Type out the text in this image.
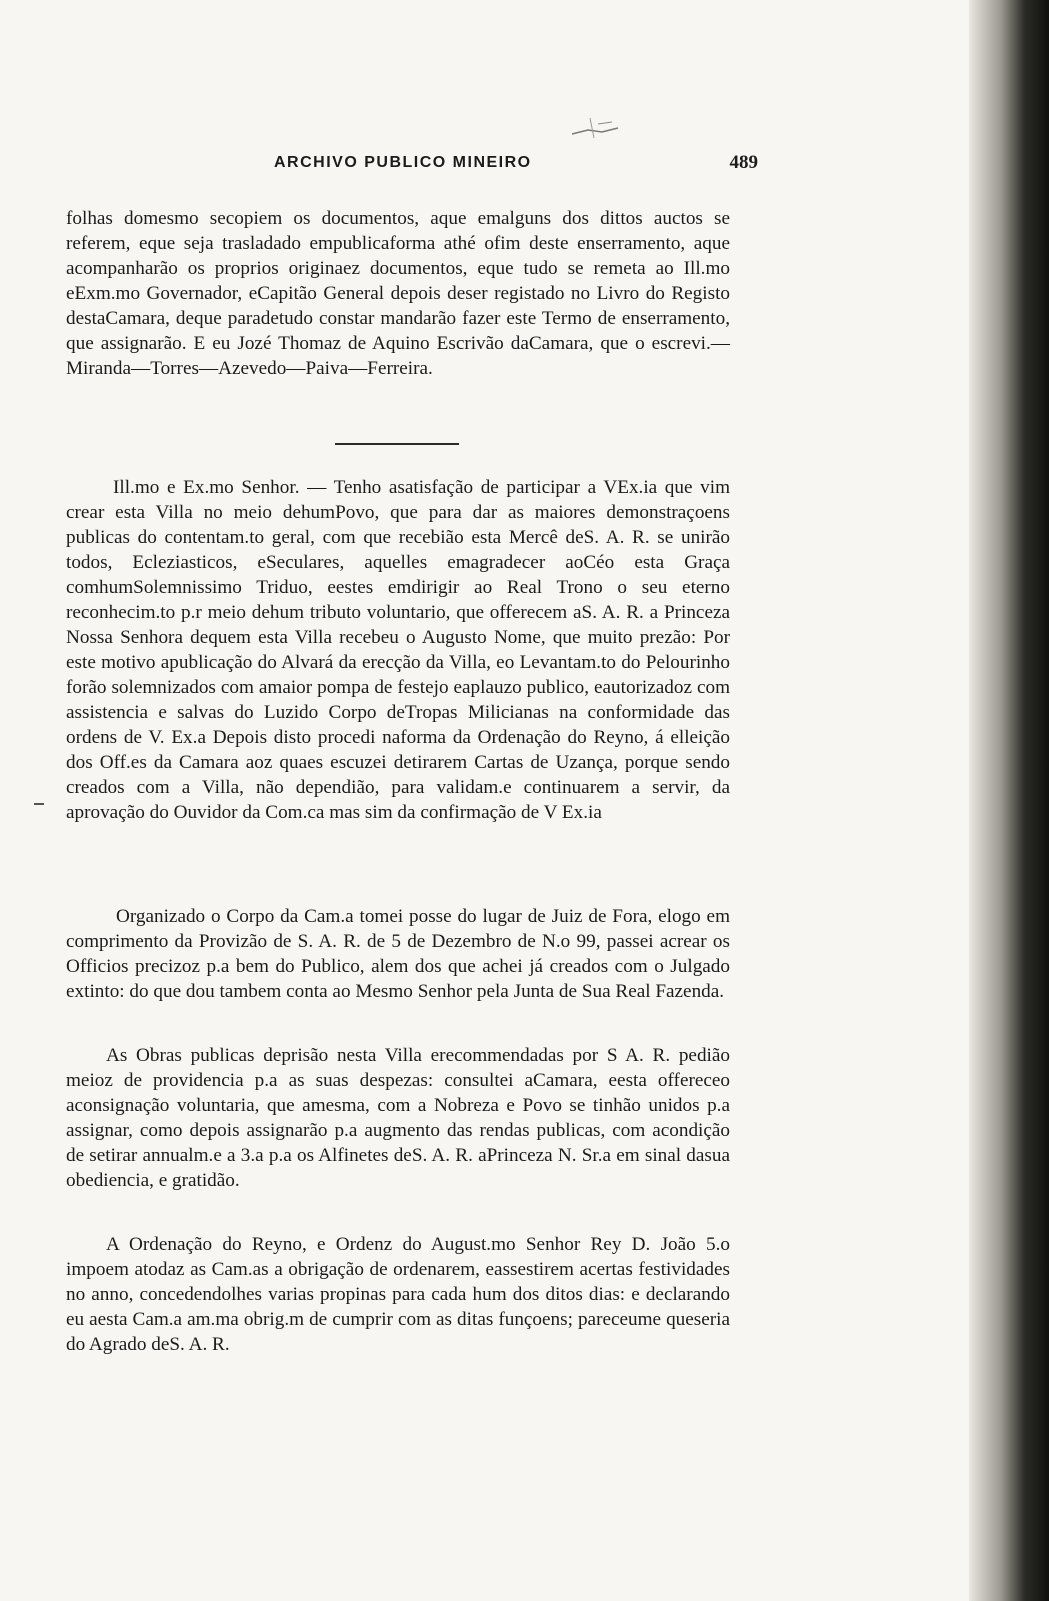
ARCHIVO PUBLICO MINEIRO	489

folhas domesmo secopiem os documentos, aque emalguns dos dittos auctos se referem, eque seja trasladado empublicaforma athé ofim deste enserramento, aque acompanharão os proprios originaez documentos, eque tudo se remeta ao Ill.mo eExm.mo Governador, eCapitão General depois deser registado no Livro do Registo destaCamara, deque paradetudo constar mandarão fazer este Termo de enserramento, que assignarão. E eu Jozé Thomaz de Aquino Escrivão daCamara, que o escrevi.—Miranda—Torres—Azevedo—Paiva—Ferreira.

Ill.mo e Ex.mo Senhor. — Tenho asatisfação de participar a VEx.ia que vim crear esta Villa no meio dehumPovo, que para dar as maiores demonstraçoens publicas do contentam.to geral, com que recebião esta Mercê deS. A. R. se unirão todos, Ecleziasticos, eSeculares, aquelles emagradecer aoCéo esta Graça comhumSolemnissimo Triduo, eestes emdirigir ao Real Trono o seu eterno reconhecim.to p.r meio dehum tributo voluntario, que offerecem aS. A. R. a Princeza Nossa Senhora dequem esta Villa recebeu o Augusto Nome, que muito prezão: Por este motivo apublicação do Alvará da erecção da Villa, eo Levantam.to do Pelourinho forão solemnizados com amaior pompa de festejo eaplauzo publico, eautorizadoz com assistencia e salvas do Luzido Corpo deTropas Milicianas na conformidade das ordens de V. Ex.a Depois disto procedi naforma da Ordenação do Reyno, á elleição dos Off.es da Camara aoz quaes escuzei detirarem Cartas de Uzança, porque sendo creados com a Villa, não dependião, para validam.e continuarem a servir, da aprovação do Ouvidor da Com.ca mas sim da confirmação de V Ex.ia

Organizado o Corpo da Cam.a tomei posse do lugar de Juiz de Fora, elogo em comprimento da Provizão de S. A. R. de 5 de Dezembro de N.o 99, passei acrear os Officios precizoz p.a bem do Publico, alem dos que achei já creados com o Julgado extinto: do que dou tambem conta ao Mesmo Senhor pela Junta de Sua Real Fazenda.

As Obras publicas deprisão nesta Villa erecommendadas por S A. R. pedião meioz de providencia p.a as suas despezas: consultei aCamara, eesta offereceo aconsignação voluntaria, que amesma, com a Nobreza e Povo se tinhão unidos p.a assignar, como depois assignarão p.a augmento das rendas publicas, com acondição de setirar annualm.e a 3.a p.a os Alfinetes deS. A. R. aPrinceza N. Sr.a em sinal dasua obediencia, e gratidão.

A Ordenação do Reyno, e Ordenz do August.mo Senhor Rey D. João 5.o impoem atodaz as Cam.as a obrigação de ordenarem, eassestirem acertas festividades no anno, concedendolhes varias propinas para cada hum dos ditos dias: e declarando eu aesta Cam.a am.ma obrig.m de cumprir com as ditas funçoens; pareceume queseria do Agrado deS. A. R.
